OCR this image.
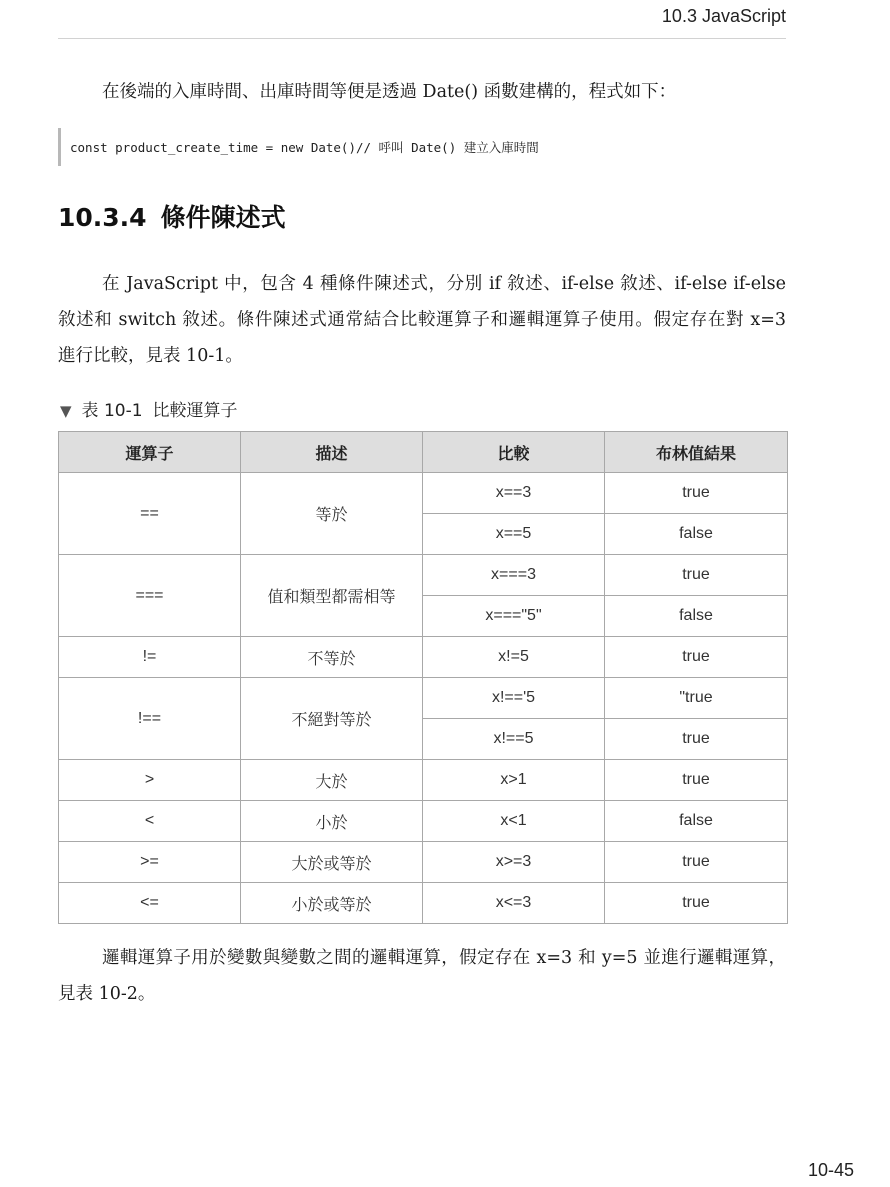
10.3 JavaScript

在後端的入庫時間、出庫時間等便是透過 Date() 函數建構的，程式如下：

const product_create_time = new Date()// 呼叫 Date() 建立入庫時間
10.3.4 條件陳述式

在 JavaScript 中，包含 4 種條件陳述式，分別 if 敘述、if-else 敘述、if-else if-else 敘述和 switch 敘述。條件陳述式通常結合比較運算子和邏輯運算子使用。假定存在對 x=3 進行比較，見表 10-1。

▼ 表 10-1 比較運算子
運算子	描述	比較	布林值結果
==	等於	x==3	true
		x==5	false
===	值和類型都需相等	x===3	true
		x==="5"	false
!=	不等於	x!=5	true
!==	不絕對等於	x!=='5	"true
		x!==5	true
>	大於	x>1	true
<	小於	x<1	false
>=	大於或等於	x>=3	true
<=	小於或等於	x<=3	true

邏輯運算子用於變數與變數之間的邏輯運算，假定存在 x=3 和 y=5 並進行邏輯運算，見表 10-2。

10-45
